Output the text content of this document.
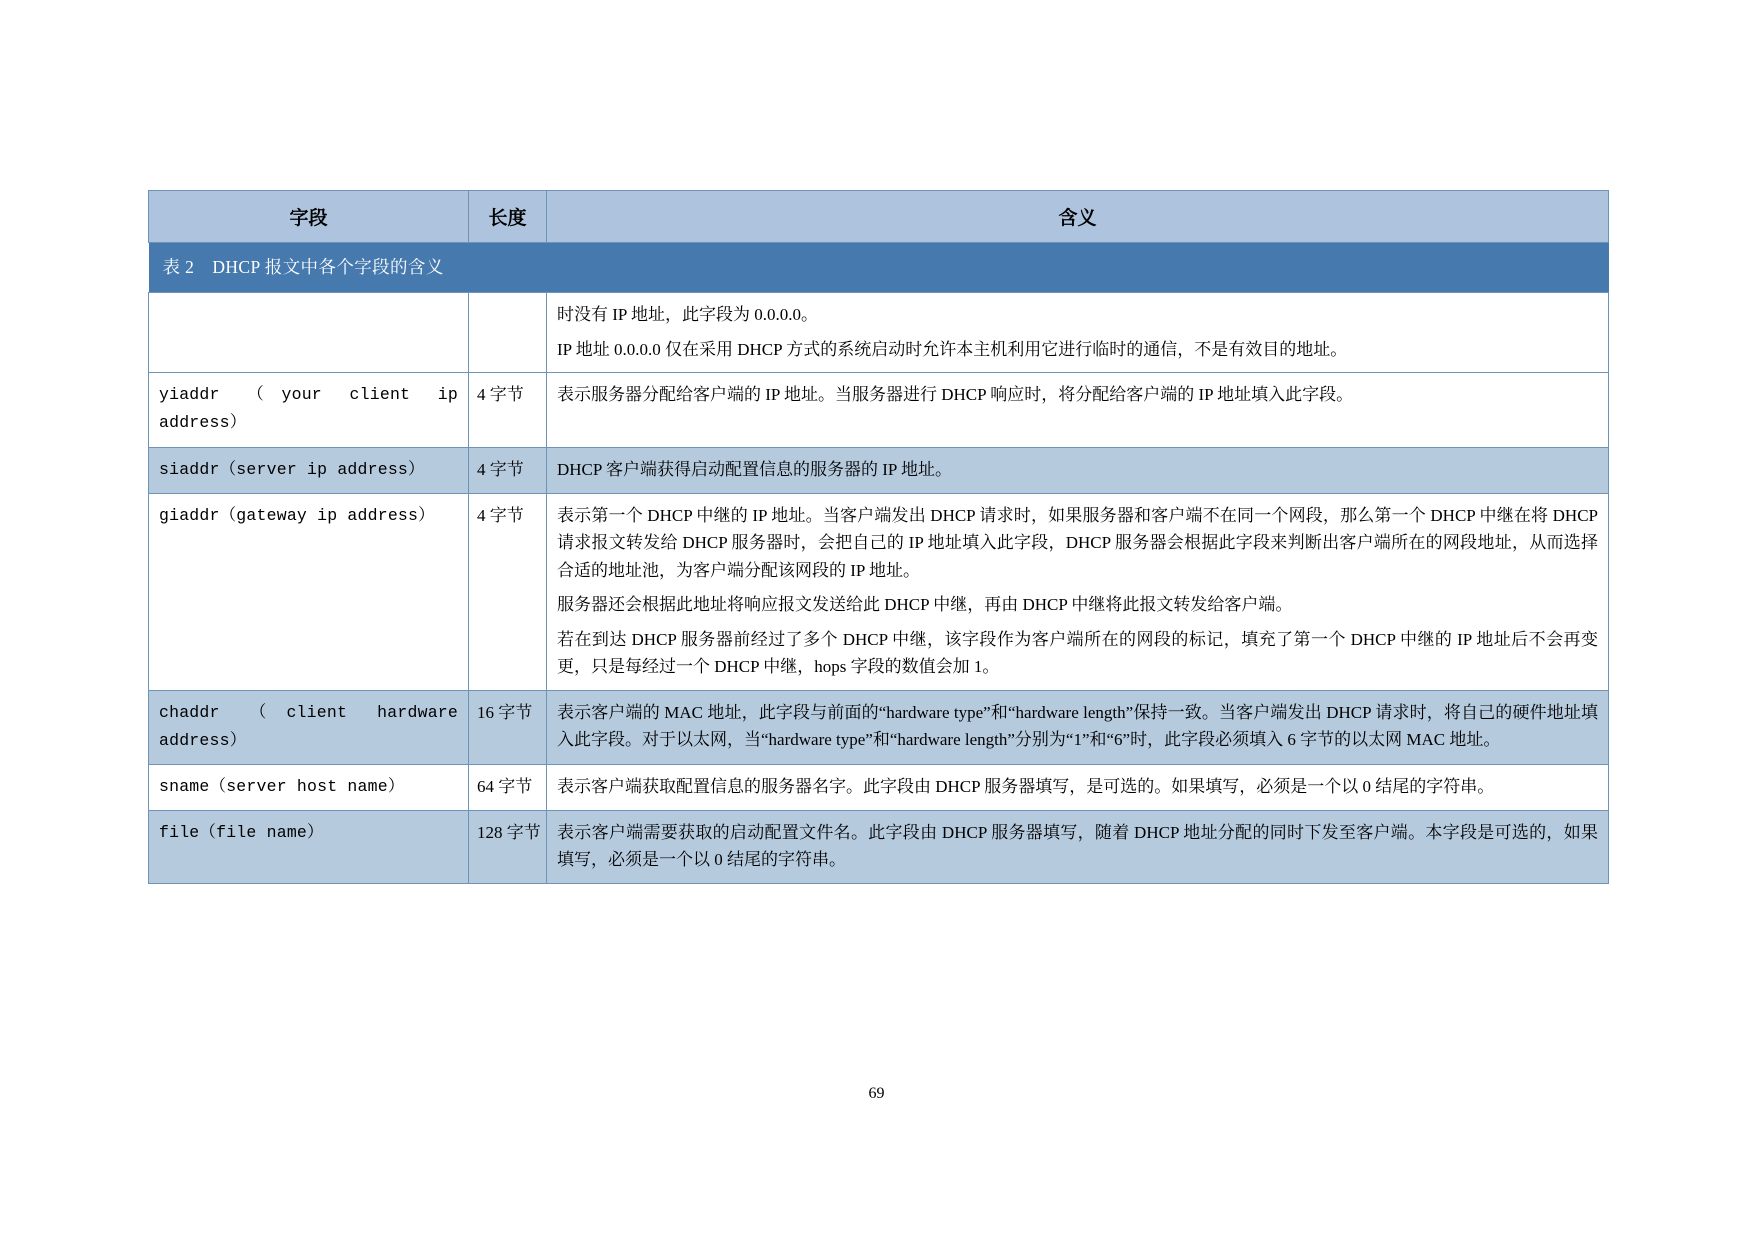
表 2 DHCP 报文中各个字段的含义		
字段	长度	含义

		时没有 IP 地址，此字段为 0.0.0.0。

IP 地址 0.0.0.0 仅在采用 DHCP 方式的系统启动时允许本主机利用它进行临时的通信，不是有效目的地址。

yiaddr （your client ip address）	4 字节	表示服务器分配给客户端的 IP 地址。当服务器进行 DHCP 响应时，将分配给客户端的 IP 地址填入此字段。

siaddr（server ip address）	4 字节	DHCP 客户端获得启动配置信息的服务器的 IP 地址。

giaddr（gateway ip address）	4 字节	表示第一个 DHCP 中继的 IP 地址。当客户端发出 DHCP 请求时，如果服务器和客户端不在同一个网段，那么第一个 DHCP 中继在将 DHCP 请求报文转发给 DHCP 服务器时，会把自己的 IP 地址填入此字段，DHCP 服务器会根据此字段来判断出客户端所在的网段地址，从而选择合适的地址池，为客户端分配该网段的 IP 地址。

服务器还会根据此地址将响应报文发送给此 DHCP 中继，再由 DHCP 中继将此报文转发给客户端。

若在到达 DHCP 服务器前经过了多个 DHCP 中继，该字段作为客户端所在的网段的标记，填充了第一个 DHCP 中继的 IP 地址后不会再变更，只是每经过一个 DHCP 中继，hops 字段的数值会加 1。

chaddr （client hardware address）	16 字节	表示客户端的 MAC 地址，此字段与前面的“hardware type”和“hardware length”保持一致。当客户端发出 DHCP 请求时，将自己的硬件地址填入此字段。对于以太网，当“hardware type”和“hardware length”分别为“1”和“6”时，此字段必须填入 6 字节的以太网 MAC 地址。

sname（server host name）	64 字节	表示客户端获取配置信息的服务器名字。此字段由 DHCP 服务器填写，是可选的。如果填写，必须是一个以 0 结尾的字符串。

file（file name）	128 字节	表示客户端需要获取的启动配置文件名。此字段由 DHCP 服务器填写，随着 DHCP 地址分配的同时下发至客户端。本字段是可选的，如果填写，必须是一个以 0 结尾的字符串。

69
